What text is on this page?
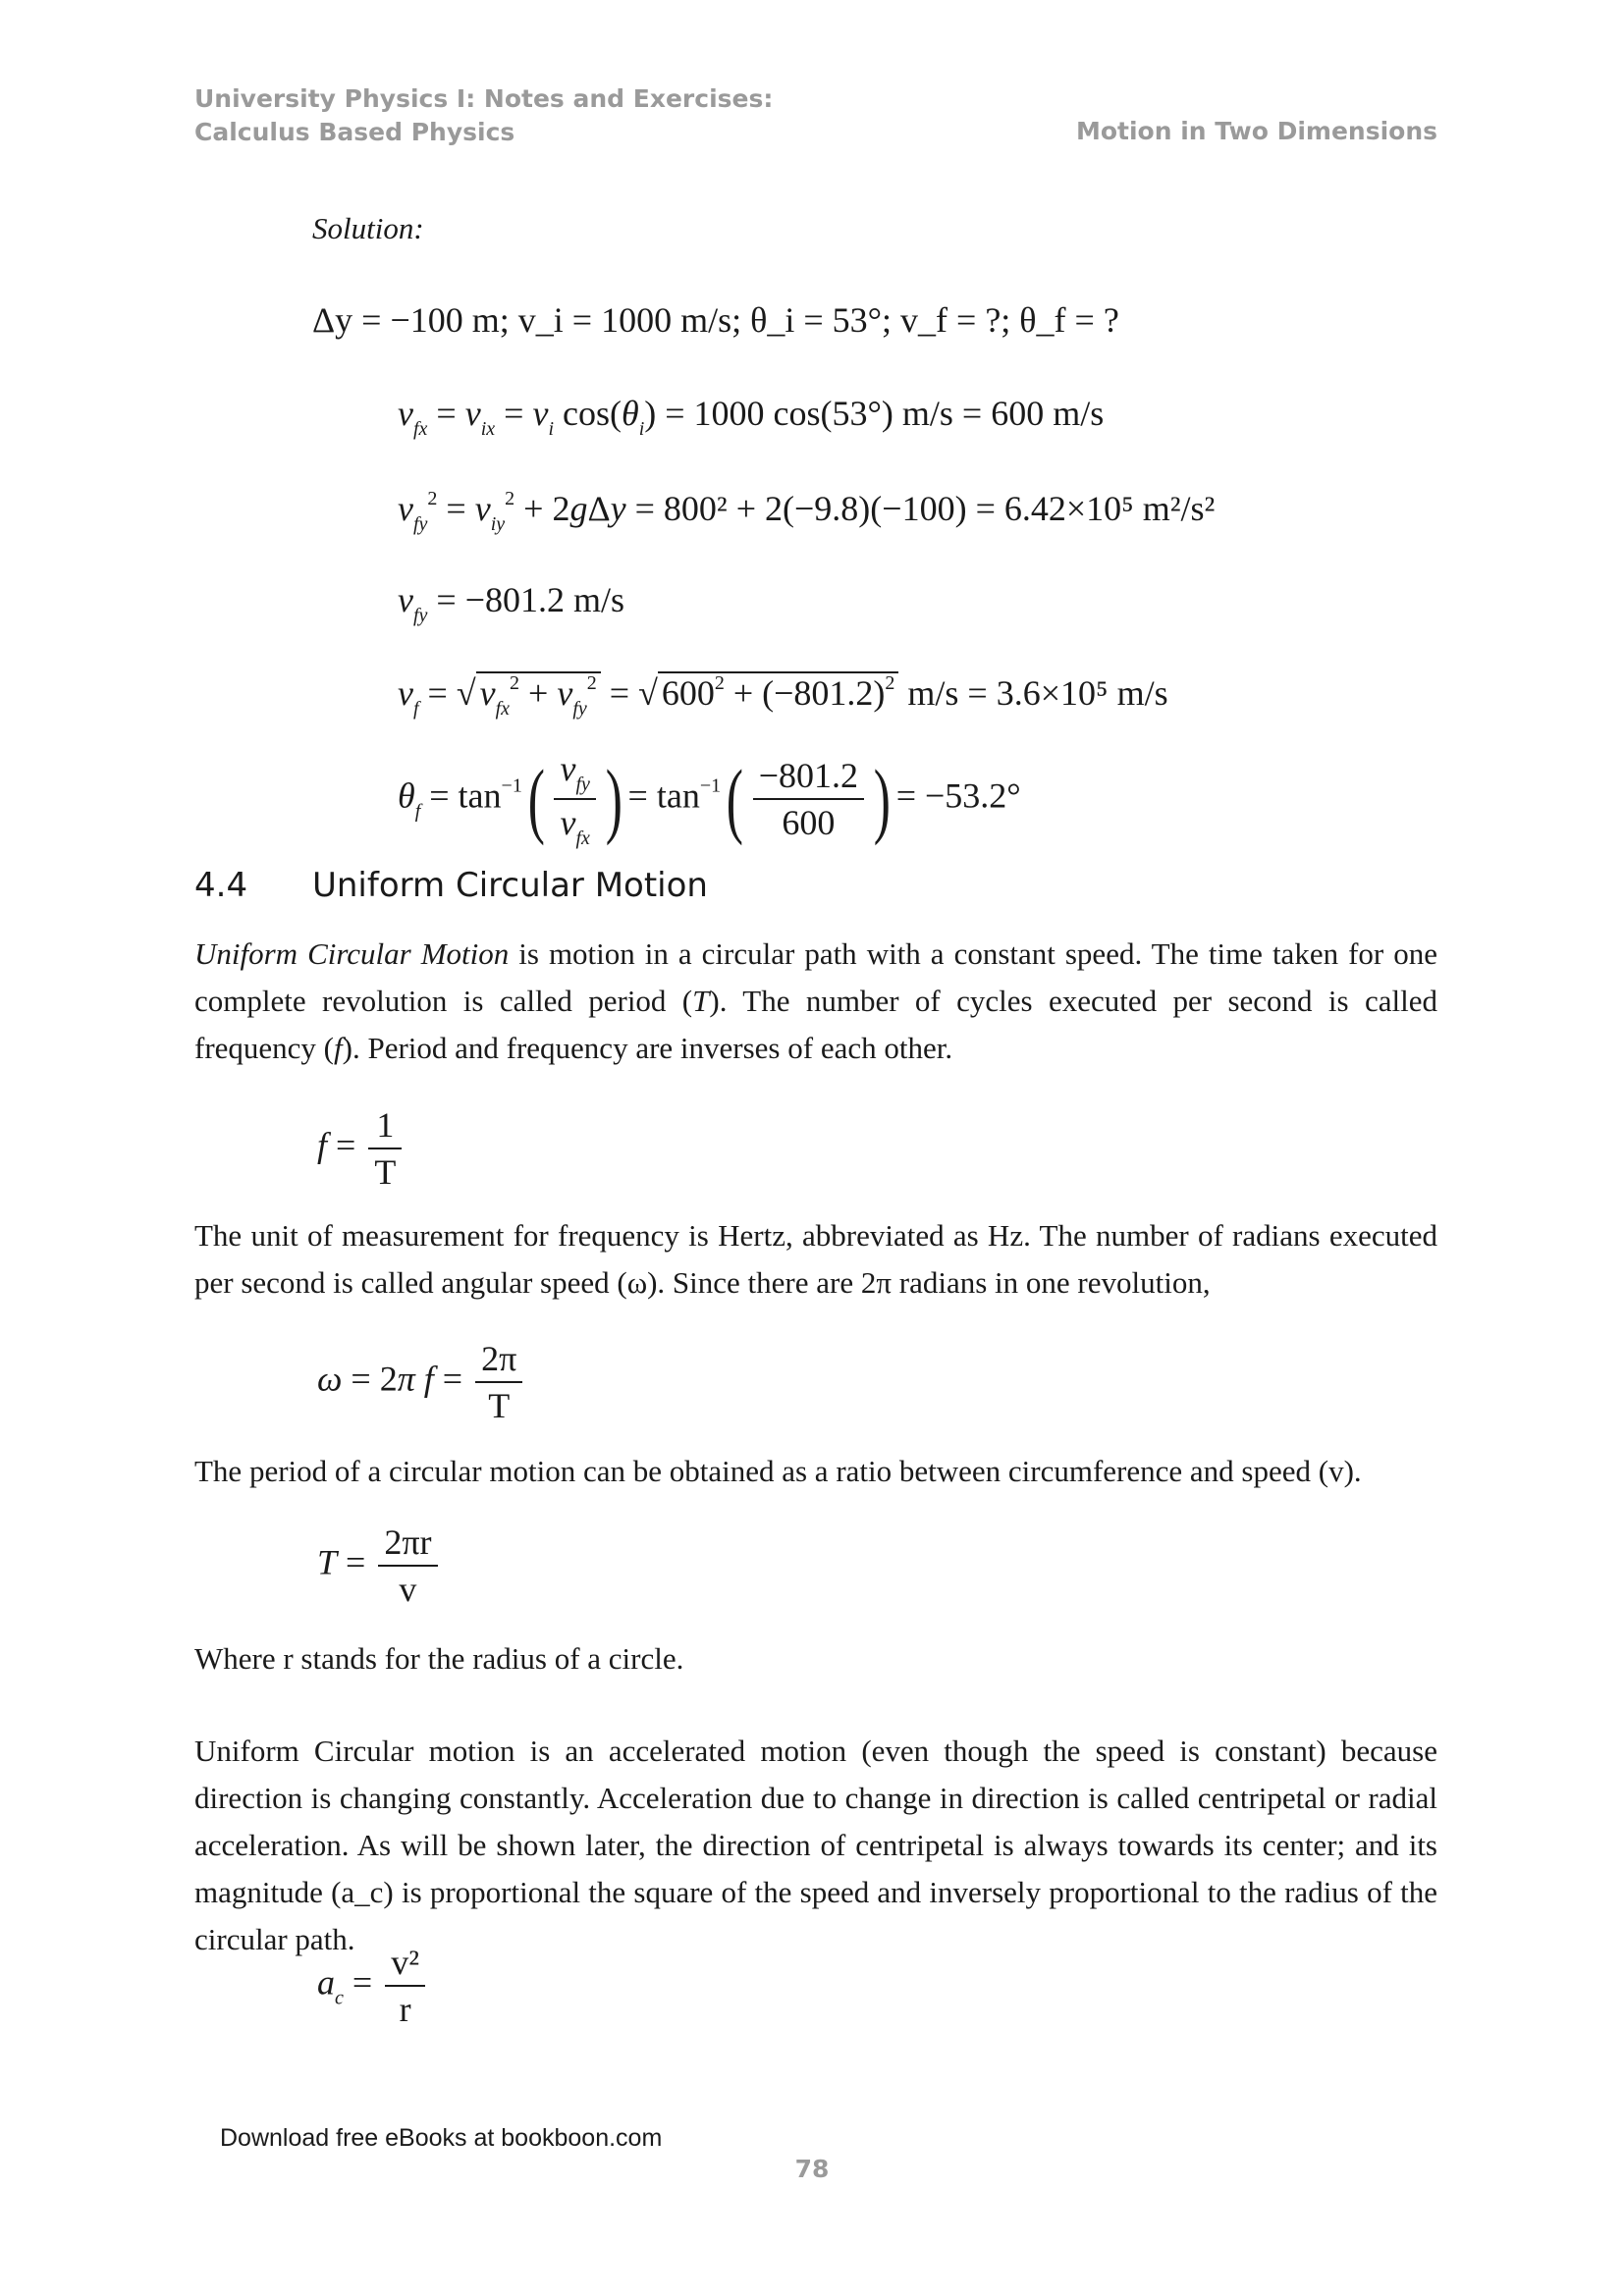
University Physics I: Notes and Exercises:
Calculus Based Physics	Motion in Two Dimensions
Solution:
Δy = −100 m; v_i = 1000 m/s; θ_i = 53°; v_f = ?; θ_f = ?
$v_{fx} = v_{ix} = v_i$ $\cos(\theta_i) = 1000$ cos(53°) m/s = 600 m/s
$v_{fy}^2 = v_{iy}^2 + 2g\Delta y = 800^2 + 2(-9.8)(-100) = 6.42\times 10^5$ m²/s²
$v_{fy} = -801.2$ m/s
$v_f$ = √ $v_{fx}^2 + v_{fy}^2$ = √ $600^2 + (-801.2)^2$ m/s = 3.6×10⁵ m/s
$\theta_f = \tan^{-1}( \frac{v_{fy}}{v_{fx}}$ ) = $\tan^{-1}( \frac{-801.2}{600}$ ) = −53.2°
4.4 Uniform Circular Motion
Uniform Circular Motion is motion in a circular path with a constant speed. The time taken for one complete revolution is called period (T). The number of cycles executed per second is called frequency (f). Period and frequency are inverses of each other.
$f = \frac{1}{T}$
The unit of measurement for frequency is Hertz, abbreviated as Hz. The number of radians executed per second is called angular speed (ω). Since there are 2π radians in one revolution,
ω = 2π $f = \frac{2\pi}{T}$
The period of a circular motion can be obtained as a ratio between circumference and speed (v).
$T = \frac{2\pi r}{v}$
Where r stands for the radius of a circle.
Uniform Circular motion is an accelerated motion (even though the speed is constant) because direction is changing constantly. Acceleration due to change in direction is called centripetal or radial acceleration. As will be shown later, the direction of centripetal is always towards its center; and its magnitude (a_c) is proportional the square of the speed and inversely proportional to the radius of the circular path.
$a_c = \frac{\text{v²}}{r}$
Download free eBooks at bookboon.com
78
